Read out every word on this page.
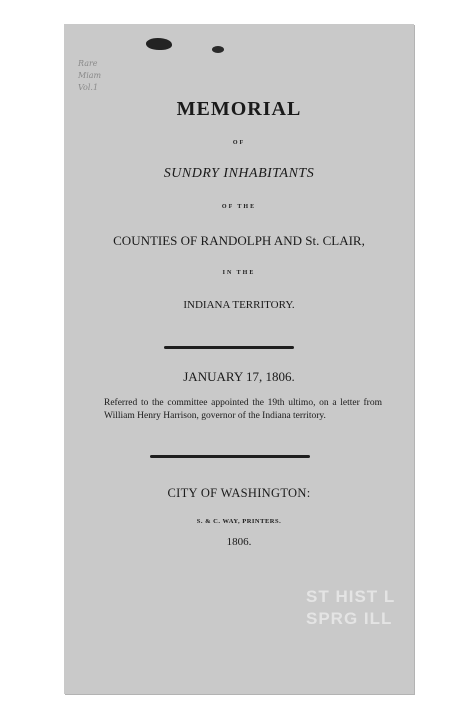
Rare Miam Vol.1
MEMORIAL
OF
SUNDRY INHABITANTS
OF THE
COUNTIES OF RANDOLPH AND St. CLAIR,
IN THE
INDIANA TERRITORY.
JANUARY 17, 1806.
Referred to the committee appointed the 19th ultimo, on a letter from William Henry Harrison, governor of the Indiana territory.
CITY OF WASHINGTON:
S. & C. WAY, PRINTERS.
1806.
ST HIST L SPRG ILL
